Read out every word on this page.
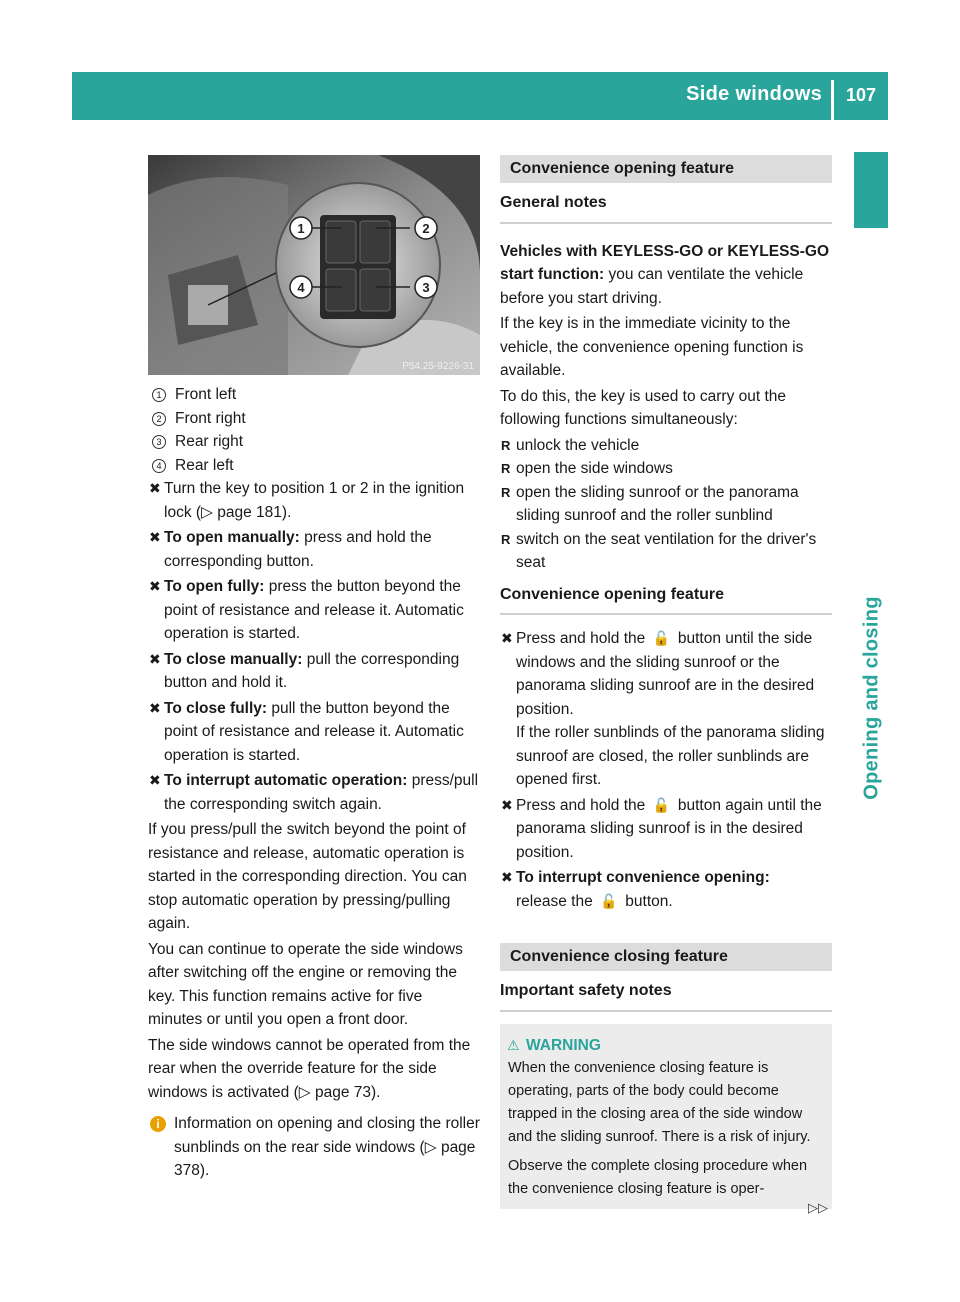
Side windows 107
Opening and closing
1	2
3
4
P54.25-9226-31
1 Front left
2 Front right
3 Rear right
4 Rear left
✖ Turn the key to position 1 or 2 in the ignition lock (▷ page 181).
✖ To open manually: press and hold the corresponding button.
✖ To open fully: press the button beyond the point of resistance and release it. Automatic operation is started.
✖ To close manually: pull the corresponding button and hold it.
✖ To close fully: pull the button beyond the point of resistance and release it. Automatic operation is started.
✖ To interrupt automatic operation: press/pull the corresponding switch again.

If you press/pull the switch beyond the point of resistance and release, automatic operation is started in the corresponding direction. You can stop automatic operation by pressing/pulling again.

You can continue to operate the side windows after switching off the engine or removing the key. This function remains active for five minutes or until you open a front door.

The side windows cannot be operated from the rear when the override feature for the side windows is activated (▷ page 73).

i Information on opening and closing the roller sunblinds on the rear side windows (▷ page 378).
Convenience opening feature
General notes

Vehicles with KEYLESS-GO or KEYLESS-GO start function: you can ventilate the vehicle before you start driving.

If the key is in the immediate vicinity to the vehicle, the convenience opening function is available.

To do this, the key is used to carry out the following functions simultaneously:

R unlock the vehicle
R open the side windows
R open the sliding sunroof or the panorama sliding sunroof and the roller sunblind
R switch on the seat ventilation for the driver's seat
Convenience opening feature
✖ Press and hold the 🔓 button until the side windows and the sliding sunroof or the panorama sliding sunroof are in the desired position.
If the roller sunblinds of the panorama sliding sunroof are closed, the roller sunblinds are opened first.
✖ Press and hold the 🔓 button again until the panorama sliding sunroof is in the desired position.
✖ To interrupt convenience opening:
release the 🔓 button.
Convenience closing feature
Important safety notes
⚠ WARNING

When the convenience closing feature is operating, parts of the body could become trapped in the closing area of the side window and the sliding sunroof. There is a risk of injury.

Observe the complete closing procedure when the convenience closing feature is oper-

▷▷
